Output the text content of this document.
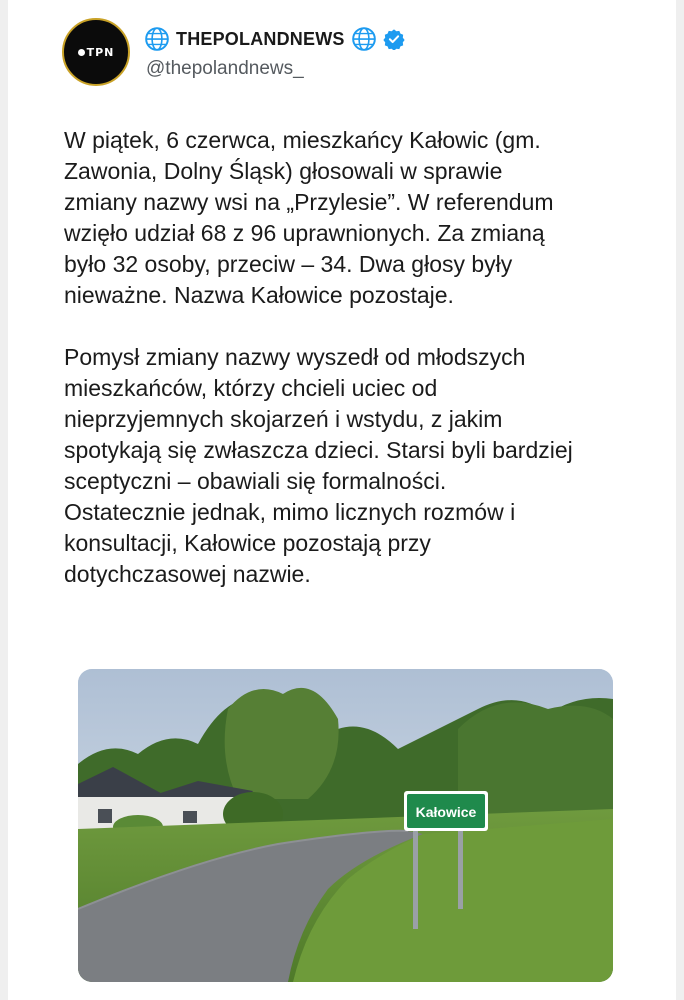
TPN
THEPOLANDNEWS
@thepolandnews_

W piątek, 6 czerwca, mieszkańcy Kałowic (gm.
Zawonia, Dolny Śląsk) głosowali w sprawie
zmiany nazwy wsi na „Przylesie”. W referendum
wzięło udział 68 z 96 uprawnionych. Za zmianą
było 32 osoby, przeciw – 34. Dwa głosy były
nieważne. Nazwa Kałowice pozostaje.

Pomysł zmiany nazwy wyszedł od młodszych
mieszkańców, którzy chcieli uciec od
nieprzyjemnych skojarzeń i wstydu, z jakim
spotykają się zwłaszcza dzieci. Starsi byli bardziej
sceptyczni – obawiali się formalności.
Ostatecznie jednak, mimo licznych rozmów i
konsultacji, Kałowice pozostają przy
dotychczasowej nazwie.

Kałowice
